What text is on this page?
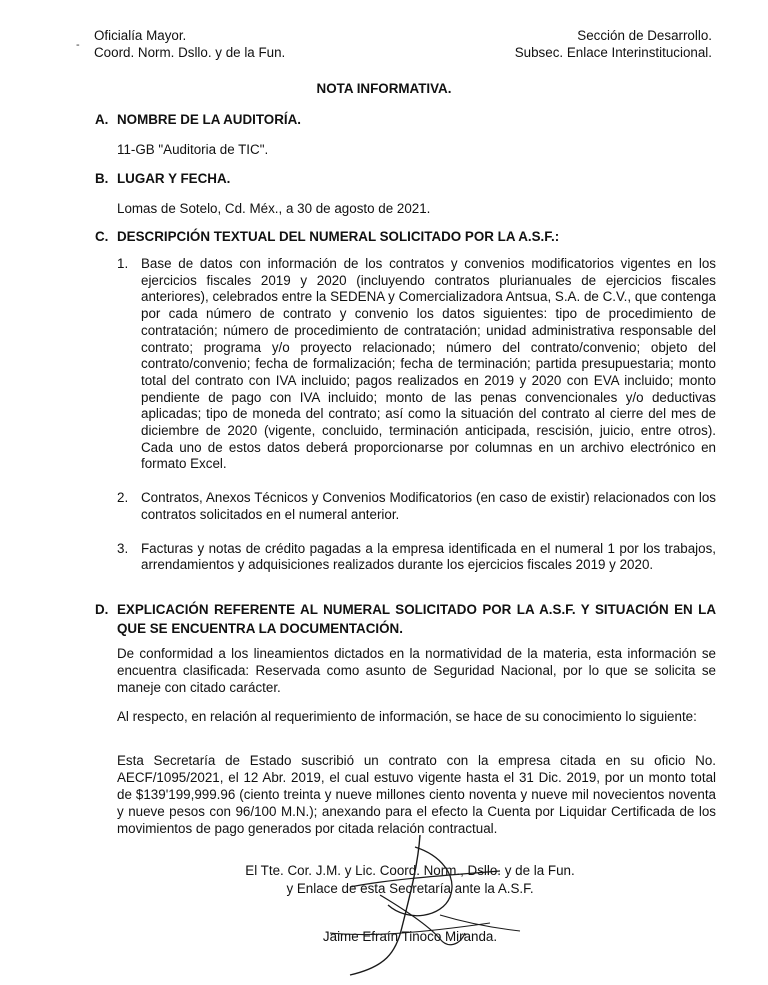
-
Oficialía Mayor.
Coord. Norm. Dsllo. y de la Fun.
Sección de Desarrollo.
Subsec. Enlace Interinstitucional.
NOTA INFORMATIVA.
A. NOMBRE DE LA AUDITORÍA.
11-GB "Auditoria de TIC".
B. LUGAR Y FECHA.
Lomas de Sotelo, Cd. Méx., a 30 de agosto de 2021.
C. DESCRIPCIÓN TEXTUAL DEL NUMERAL SOLICITADO POR LA A.S.F.:
1. Base de datos con información de los contratos y convenios modificatorios vigentes en los ejercicios fiscales 2019 y 2020 (incluyendo contratos plurianuales de ejercicios fiscales anteriores), celebrados entre la SEDENA y Comercializadora Antsua, S.A. de C.V., que contenga por cada número de contrato y convenio los datos siguientes: tipo de procedimiento de contratación; número de procedimiento de contratación; unidad administrativa responsable del contrato; programa y/o proyecto relacionado; número del contrato/convenio; objeto del contrato/convenio; fecha de formalización; fecha de terminación; partida presupuestaria; monto total del contrato con IVA incluido; pagos realizados en 2019 y 2020 con EVA incluido; monto pendiente de pago con IVA incluido; monto de las penas convencionales y/o deductivas aplicadas; tipo de moneda del contrato; así como la situación del contrato al cierre del mes de diciembre de 2020 (vigente, concluido, terminación anticipada, rescisión, juicio, entre otros). Cada uno de estos datos deberá proporcionarse por columnas en un archivo electrónico en formato Excel.
2. Contratos, Anexos Técnicos y Convenios Modificatorios (en caso de existir) relacionados con los contratos solicitados en el numeral anterior.
3. Facturas y notas de crédito pagadas a la empresa identificada en el numeral 1 por los trabajos, arrendamientos y adquisiciones realizados durante los ejercicios fiscales 2019 y 2020.
D. EXPLICACIÓN REFERENTE AL NUMERAL SOLICITADO POR LA A.S.F. Y SITUACIÓN EN LA QUE SE ENCUENTRA LA DOCUMENTACIÓN.
De conformidad a los lineamientos dictados en la normatividad de la materia, esta información se encuentra clasificada: Reservada como asunto de Seguridad Nacional, por lo que se solicita se maneje con citado carácter.
Al respecto, en relación al requerimiento de información, se hace de su conocimiento lo siguiente:
Esta Secretaría de Estado suscribió un contrato con la empresa citada en su oficio No. AECF/1095/2021, el 12 Abr. 2019, el cual estuvo vigente hasta el 31 Dic. 2019, por un monto total de $139'199,999.96 (ciento treinta y nueve millones ciento noventa y nueve mil novecientos noventa y nueve pesos con 96/100 M.N.); anexando para el efecto la Cuenta por Liquidar Certificada de los movimientos de pago generados por citada relación contractual.
El Tte. Cor. J.M. y Lic. Coord. Norm., Dsllo. y de la Fun.
y Enlace de esta Secretaría ante la A.S.F.
Jaime Efraín Tinoco Miranda.
